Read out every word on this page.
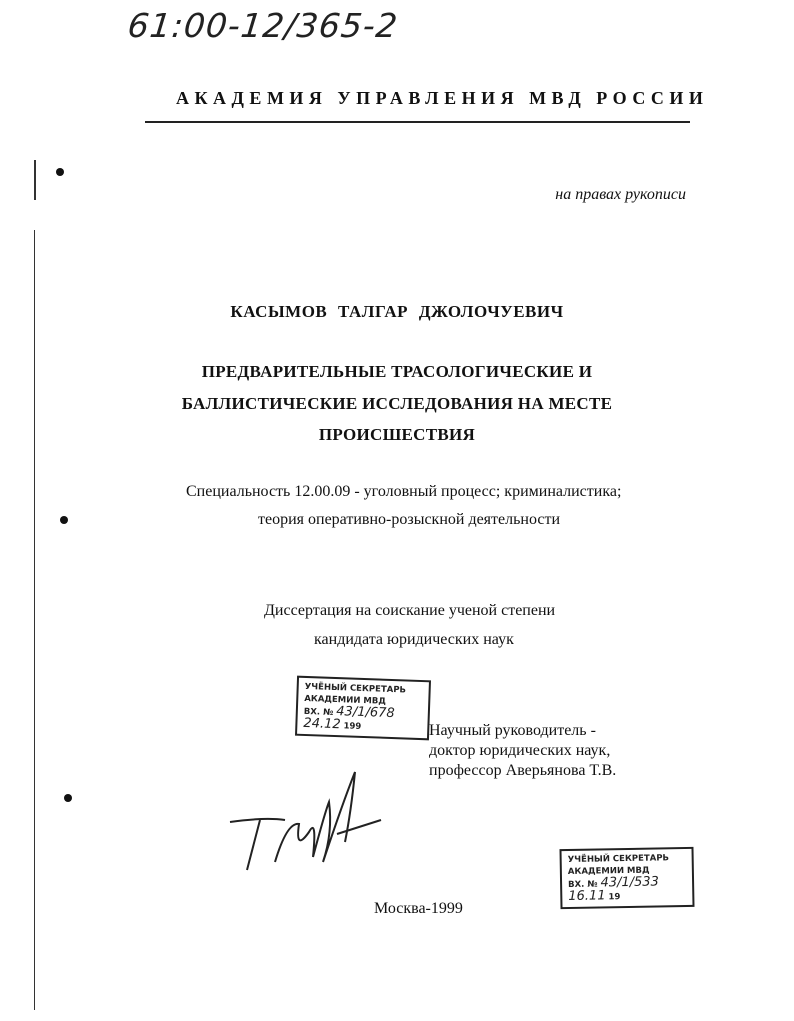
61:00-12/365-2
АКАДЕМИЯ УПРАВЛЕНИЯ МВД РОССИИ
на правах рукописи
КАСЫМОВ ТАЛГАР ДЖОЛОЧУЕВИЧ
ПРЕДВАРИТЕЛЬНЫЕ ТРАСОЛОГИЧЕСКИЕ И
БАЛЛИСТИЧЕСКИЕ ИССЛЕДОВАНИЯ НА МЕСТЕ
ПРОИСШЕСТВИЯ
Специальность 12.00.09 - уголовный процесс; криминалистика;
теория оперативно-розыскной деятельности
Диссертация на соискание ученой степени
кандидата юридических наук
УЧЁНЫЙ СЕКРЕТАРЬ
АКАДЕМИИ МВД
ВХ. № 43/1/678
24.12 199	Научный руководитель -
доктор юридических наук,
профессор Аверьянова Т.В.
УЧЁНЫЙ СЕКРЕТАРЬ
АКАДЕМИИ МВД
ВХ. № 43/1/533
16.11 19
Москва-1999
